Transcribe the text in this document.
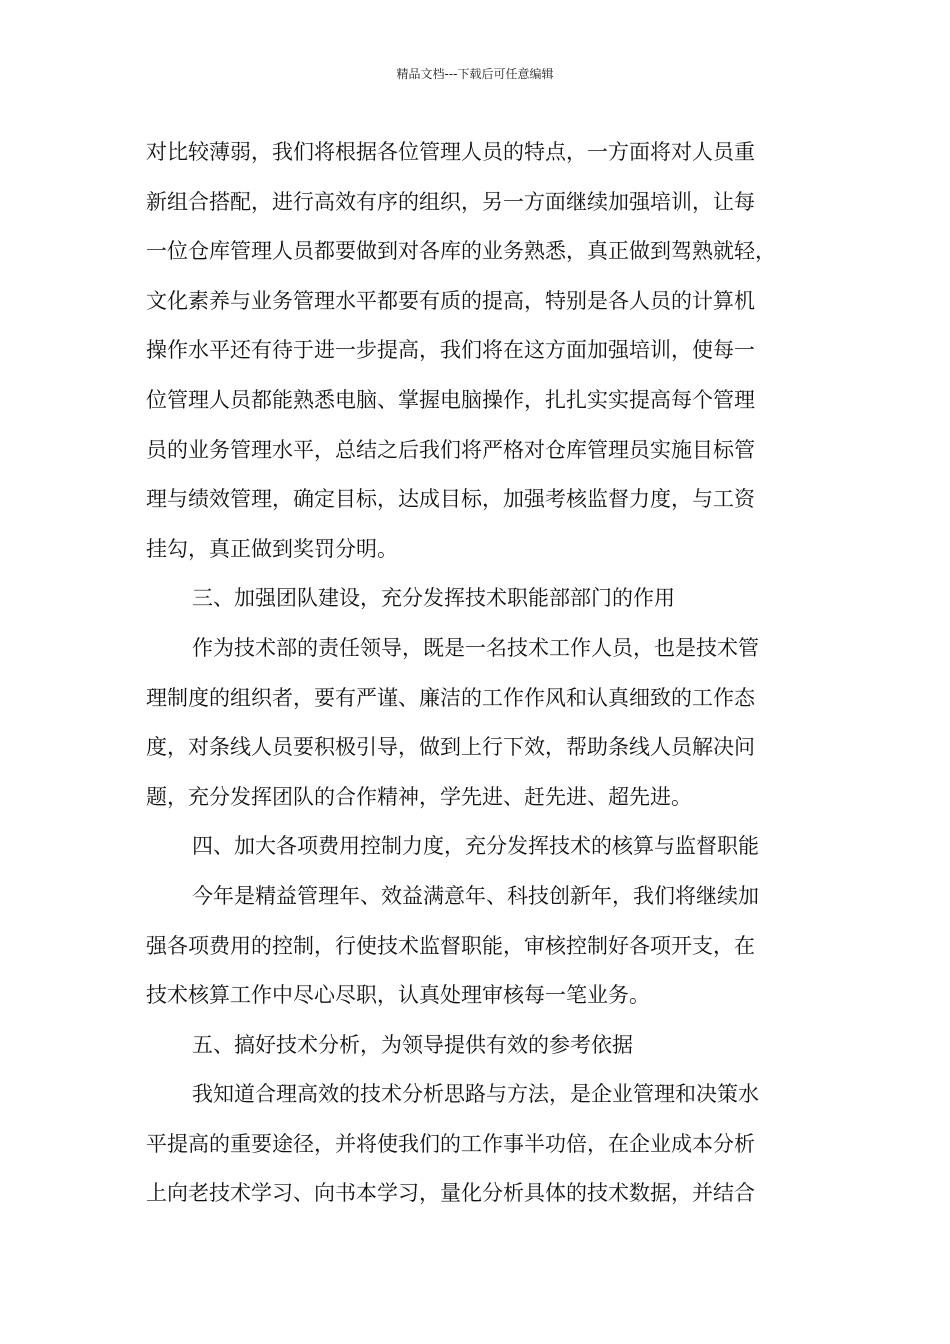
精品文档---下载后可任意编辑
对比较薄弱，我们将根据各位管理人员的特点，一方面将对人员重
新组合搭配，进行高效有序的组织，另一方面继续加强培训，让每
一位仓库管理人员都要做到对各库的业务熟悉，真正做到驾熟就轻，
文化素养与业务管理水平都要有质的提高，特别是各人员的计算机
操作水平还有待于进一步提高，我们将在这方面加强培训，使每一
位管理人员都能熟悉电脑、掌握电脑操作，扎扎实实提高每个管理
员的业务管理水平，总结之后我们将严格对仓库管理员实施目标管
理与绩效管理，确定目标，达成目标，加强考核监督力度，与工资
挂勾，真正做到奖罚分明。
三、加强团队建设，充分发挥技术职能部部门的作用
作为技术部的责任领导，既是一名技术工作人员，也是技术管
理制度的组织者，要有严谨、廉洁的工作作风和认真细致的工作态
度，对条线人员要积极引导，做到上行下效，帮助条线人员解决问
题，充分发挥团队的合作精神，学先进、赶先进、超先进。
四、加大各项费用控制力度，充分发挥技术的核算与监督职能
今年是精益管理年、效益满意年、科技创新年，我们将继续加
强各项费用的控制，行使技术监督职能，审核控制好各项开支，在
技术核算工作中尽心尽职，认真处理审核每一笔业务。
五、搞好技术分析，为领导提供有效的参考依据
我知道合理高效的技术分析思路与方法，是企业管理和决策水
平提高的重要途径，并将使我们的工作事半功倍，在企业成本分析
上向老技术学习、向书本学习，量化分析具体的技术数据，并结合
